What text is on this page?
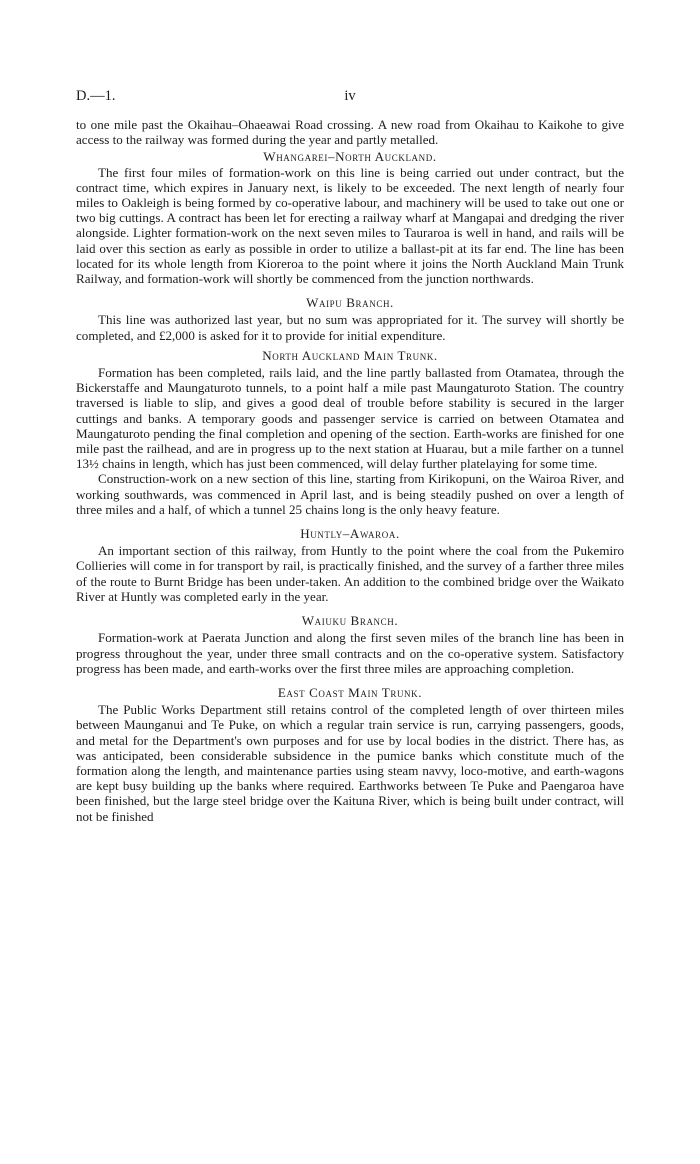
D.—1.	iv

to one mile past the Okaihau–Ohaeawai Road crossing. A new road from Okaihau to Kaikohe to give access to the railway was formed during the year and partly metalled.

Whangarei–North Auckland.

The first four miles of formation-work on this line is being carried out under contract, but the contract time, which expires in January next, is likely to be exceeded. The next length of nearly four miles to Oakleigh is being formed by co-operative labour, and machinery will be used to take out one or two big cuttings. A contract has been let for erecting a railway wharf at Mangapai and dredging the river alongside. Lighter formation-work on the next seven miles to Tauraroa is well in hand, and rails will be laid over this section as early as possible in order to utilize a ballast-pit at its far end. The line has been located for its whole length from Kioreroa to the point where it joins the North Auckland Main Trunk Railway, and formation-work will shortly be commenced from the junction northwards.

Waipu Branch.

This line was authorized last year, but no sum was appropriated for it. The survey will shortly be completed, and £2,000 is asked for it to provide for initial expenditure.

North Auckland Main Trunk.

Formation has been completed, rails laid, and the line partly ballasted from Otamatea, through the Bickerstaffe and Maungaturoto tunnels, to a point half a mile past Maungaturoto Station. The country traversed is liable to slip, and gives a good deal of trouble before stability is secured in the larger cuttings and banks. A temporary goods and passenger service is carried on between Otamatea and Maungaturoto pending the final completion and opening of the section. Earth-works are finished for one mile past the railhead, and are in progress up to the next station at Huarau, but a mile farther on a tunnel 13½ chains in length, which has just been commenced, will delay further platelaying for some time.

Construction-work on a new section of this line, starting from Kirikopuni, on the Wairoa River, and working southwards, was commenced in April last, and is being steadily pushed on over a length of three miles and a half, of which a tunnel 25 chains long is the only heavy feature.

Huntly–Awaroa.

An important section of this railway, from Huntly to the point where the coal from the Pukemiro Collieries will come in for transport by rail, is practically finished, and the survey of a farther three miles of the route to Burnt Bridge has been under-taken. An addition to the combined bridge over the Waikato River at Huntly was completed early in the year.

Waiuku Branch.

Formation-work at Paerata Junction and along the first seven miles of the branch line has been in progress throughout the year, under three small contracts and on the co-operative system. Satisfactory progress has been made, and earth-works over the first three miles are approaching completion.

East Coast Main Trunk.

The Public Works Department still retains control of the completed length of over thirteen miles between Maunganui and Te Puke, on which a regular train service is run, carrying passengers, goods, and metal for the Department's own purposes and for use by local bodies in the district. There has, as was anticipated, been considerable subsidence in the pumice banks which constitute much of the formation along the length, and maintenance parties using steam navvy, loco-motive, and earth-wagons are kept busy building up the banks where required. Earthworks between Te Puke and Paengaroa have been finished, but the large steel bridge over the Kaituna River, which is being built under contract, will not be finished
